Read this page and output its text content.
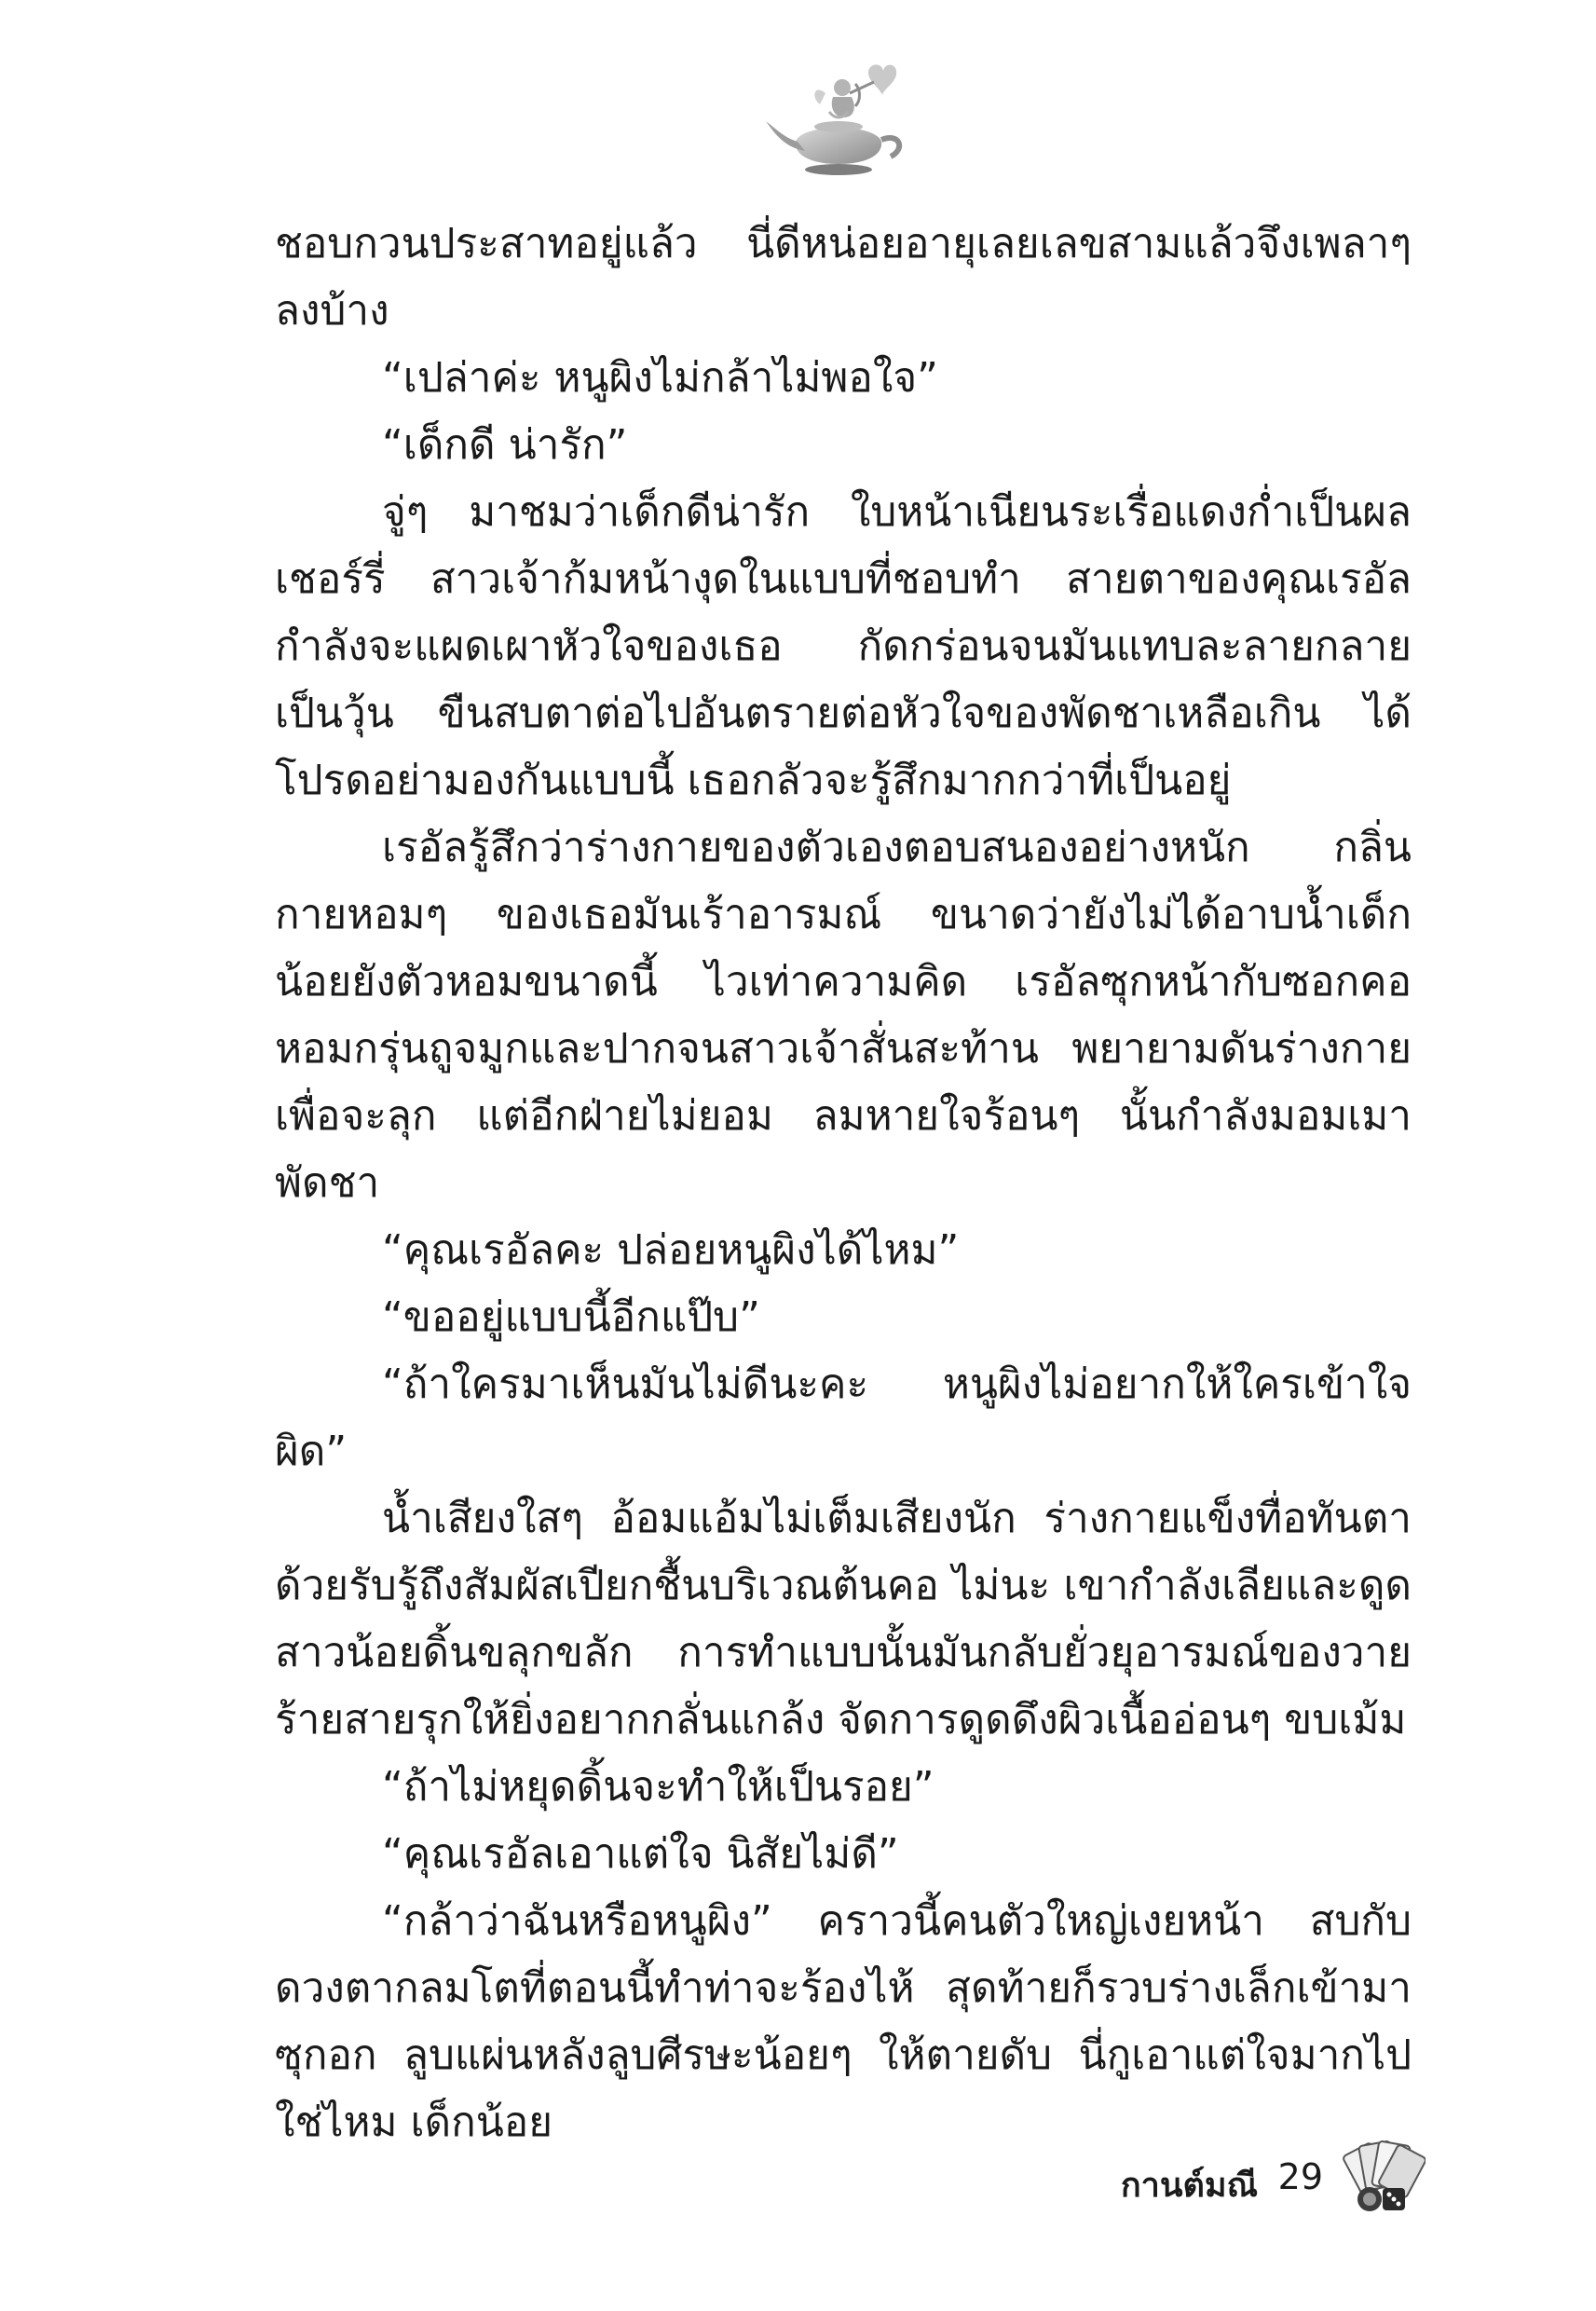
ชอบกวนประสาทอยู่แล้ว นี่ดีหน่อยอายุเลยเลขสามแล้วจึงเพลาๆ ลงบ้าง

“เปล่าค่ะ หนูผิงไม่กล้าไม่พอใจ”

“เด็กดี น่ารัก”

จู่ๆ มาชมว่าเด็กดีน่ารัก ใบหน้าเนียนระเรื่อแดงก่ำเป็นผลเชอร์รี่ สาวเจ้าก้มหน้างุดในแบบที่ชอบทำ สายตาของคุณเรอัลกำลังจะแผดเผาหัวใจของเธอ กัดกร่อนจนมันแทบละลายกลายเป็นวุ้น ขืนสบตาต่อไปอันตรายต่อหัวใจของพัดชาเหลือเกิน ได้โปรดอย่ามองกันแบบนี้ เธอกลัวจะรู้สึกมากกว่าที่เป็นอยู่

เรอัลรู้สึกว่าร่างกายของตัวเองตอบสนองอย่างหนัก กลิ่นกายหอมๆ ของเธอมันเร้าอารมณ์ ขนาดว่ายังไม่ได้อาบน้ำเด็กน้อยยังตัวหอมขนาดนี้ ไวเท่าความคิด เรอัลซุกหน้ากับซอกคอหอมกรุ่นถูจมูกและปากจนสาวเจ้าสั่นสะท้าน พยายามดันร่างกายเพื่อจะลุก แต่อีกฝ่ายไม่ยอม ลมหายใจร้อนๆ นั้นกำลังมอมเมาพัดชา

“คุณเรอัลคะ ปล่อยหนูผิงได้ไหม”

“ขออยู่แบบนี้อีกแป๊บ”

“ถ้าใครมาเห็นมันไม่ดีนะคะ หนูผิงไม่อยากให้ใครเข้าใจผิด”

น้ำเสียงใสๆ อ้อมแอ้มไม่เต็มเสียงนัก ร่างกายแข็งทื่อทันตาด้วยรับรู้ถึงสัมผัสเปียกชื้นบริเวณต้นคอ ไม่นะ เขากำลังเลียและดูดสาวน้อยดิ้นขลุกขลัก การทำแบบนั้นมันกลับยั่วยุอารมณ์ของวายร้ายสายรุกให้ยิ่งอยากกลั่นแกล้ง จัดการดูดดึงผิวเนื้ออ่อนๆ ขบเม้ม

“ถ้าไม่หยุดดิ้นจะทำให้เป็นรอย”

“คุณเรอัลเอาแต่ใจ นิสัยไม่ดี”

“กล้าว่าฉันหรือหนูผิง” คราวนี้คนตัวใหญ่เงยหน้า สบกับดวงตากลมโตที่ตอนนี้ทำท่าจะร้องไห้ สุดท้ายก็รวบร่างเล็กเข้ามาซุกอก ลูบแผ่นหลังลูบศีรษะน้อยๆ ให้ตายดับ นี่กูเอาแต่ใจมากไปใช่ไหม เด็กน้อย

กานต์มณี 29
